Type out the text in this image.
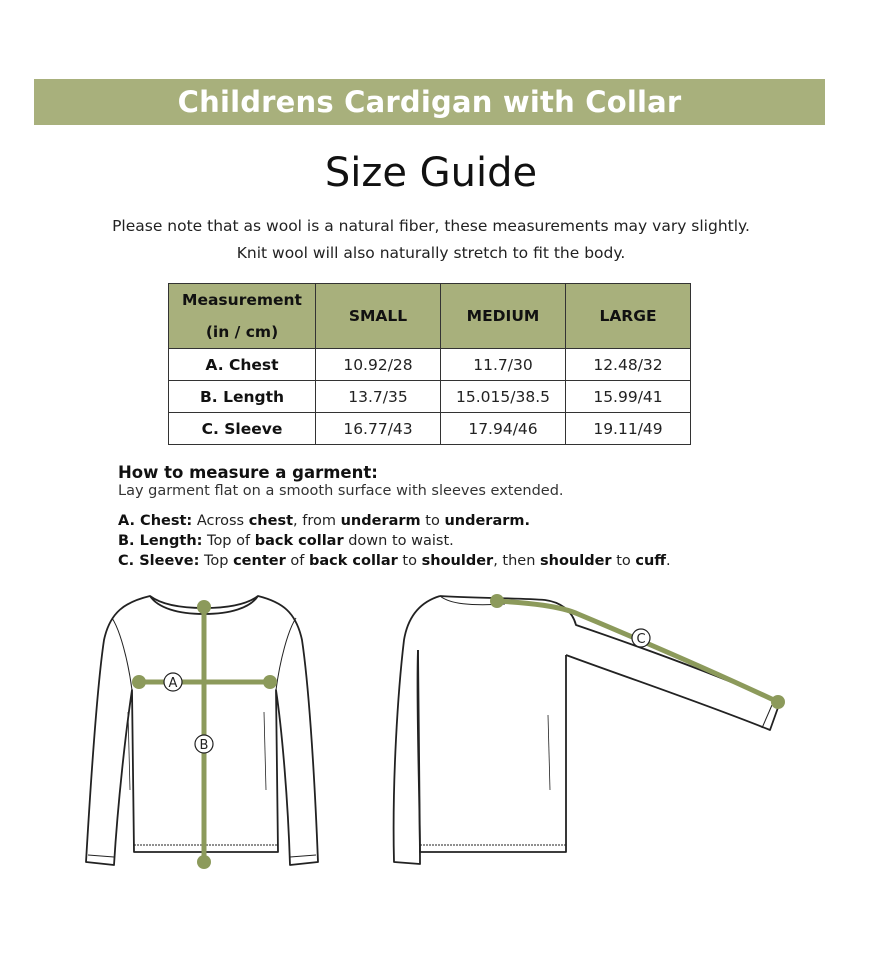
Childrens Cardigan with Collar
Size Guide
Please note that as wool is a natural fiber, these measurements may vary slightly.
Knit wool will also naturally stretch to fit the body.
Measurement
(in / cm)	SMALL	MEDIUM	LARGE
A. Chest	10.92/28	11.7/30	12.48/32
B. Length	13.7/35	15.015/38.5	15.99/41
C. Sleeve	16.77/43	17.94/46	19.11/49
How to measure a garment:
Lay garment flat on a smooth surface with sleeves extended.
A. Chest: Across chest, from underarm to underarm.
B. Length: Top of back collar down to waist.
C. Sleeve: Top center of back collar to shoulder, then shoulder to cuff.
A
B
C
